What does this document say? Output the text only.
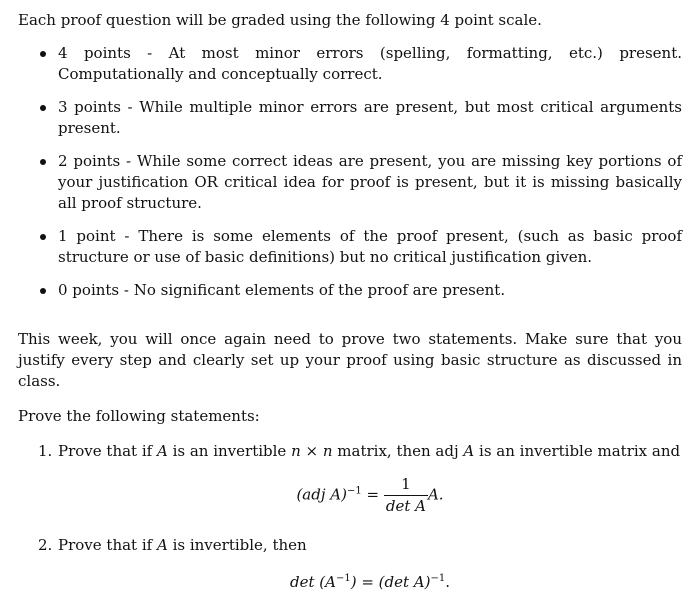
Each proof question will be graded using the following 4 point scale.

4 points - At most minor errors (spelling, formatting, etc.) present. Computationally and conceptually correct.
3 points - While multiple minor errors are present, but most critical arguments present.
2 points - While some correct ideas are present, you are missing key portions of your justification OR critical idea for proof is present, but it is missing basically all proof structure.
1 point - There is some elements of the proof present, (such as basic proof structure or use of basic definitions) but no critical justification given.
0 points - No significant elements of the proof are present.

This week, you will once again need to prove two statements. Make sure that you justify every step and clearly set up your proof using basic structure as discussed in class.

Prove the following statements:

1. Prove that if A is an invertible n × n matrix, then adj A is an invertible matrix and
(adj $A)^{-1} = \frac{1}{\text{det A}} A$.
2. Prove that if A is invertible, then
$\det (A^{-1}) = (\det$ A)$^{-1}$.
